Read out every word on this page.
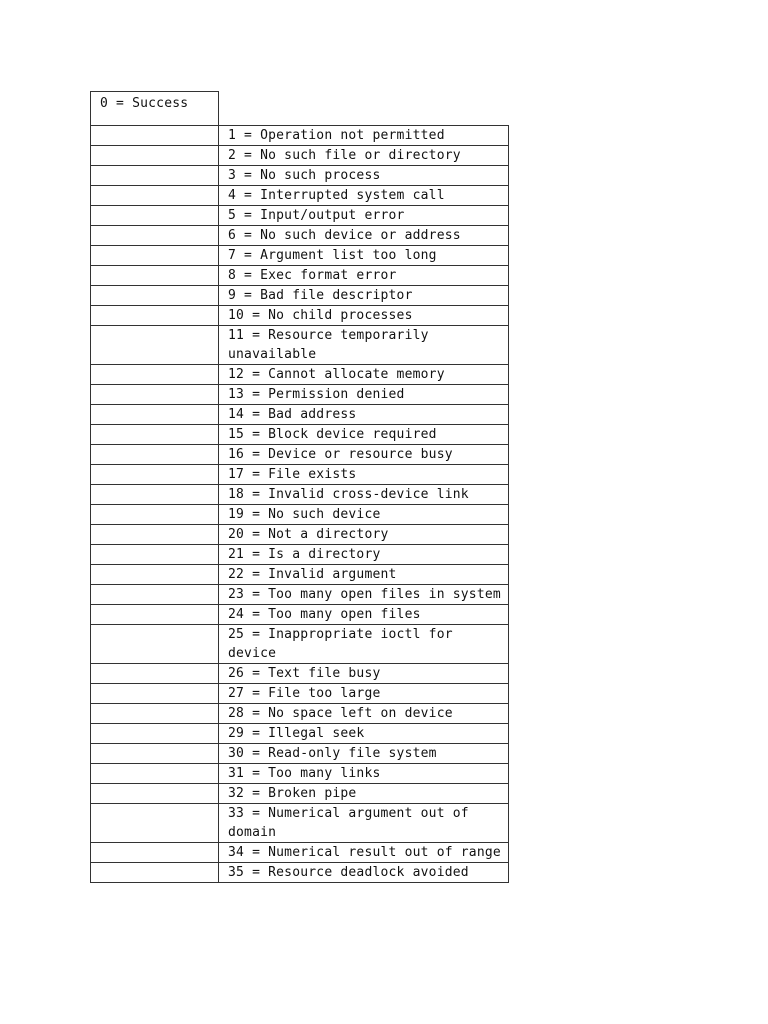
0 = Success	
	1 = Operation not permitted
	2 = No such file or directory
	3 = No such process
	4 = Interrupted system call
	5 = Input/output error
	6 = No such device or address
	7 = Argument list too long
	8 = Exec format error
	9 = Bad file descriptor
	10 = No child processes
	11 = Resource temporarily unavailable
	12 = Cannot allocate memory
	13 = Permission denied
	14 = Bad address
	15 = Block device required
	16 = Device or resource busy
	17 = File exists
	18 = Invalid cross-device link
	19 = No such device
	20 = Not a directory
	21 = Is a directory
	22 = Invalid argument
	23 = Too many open files in system
	24 = Too many open files
	25 = Inappropriate ioctl for device
	26 = Text file busy
	27 = File too large
	28 = No space left on device
	29 = Illegal seek
	30 = Read-only file system
	31 = Too many links
	32 = Broken pipe
	33 = Numerical argument out of domain
	34 = Numerical result out of range
	35 = Resource deadlock avoided
